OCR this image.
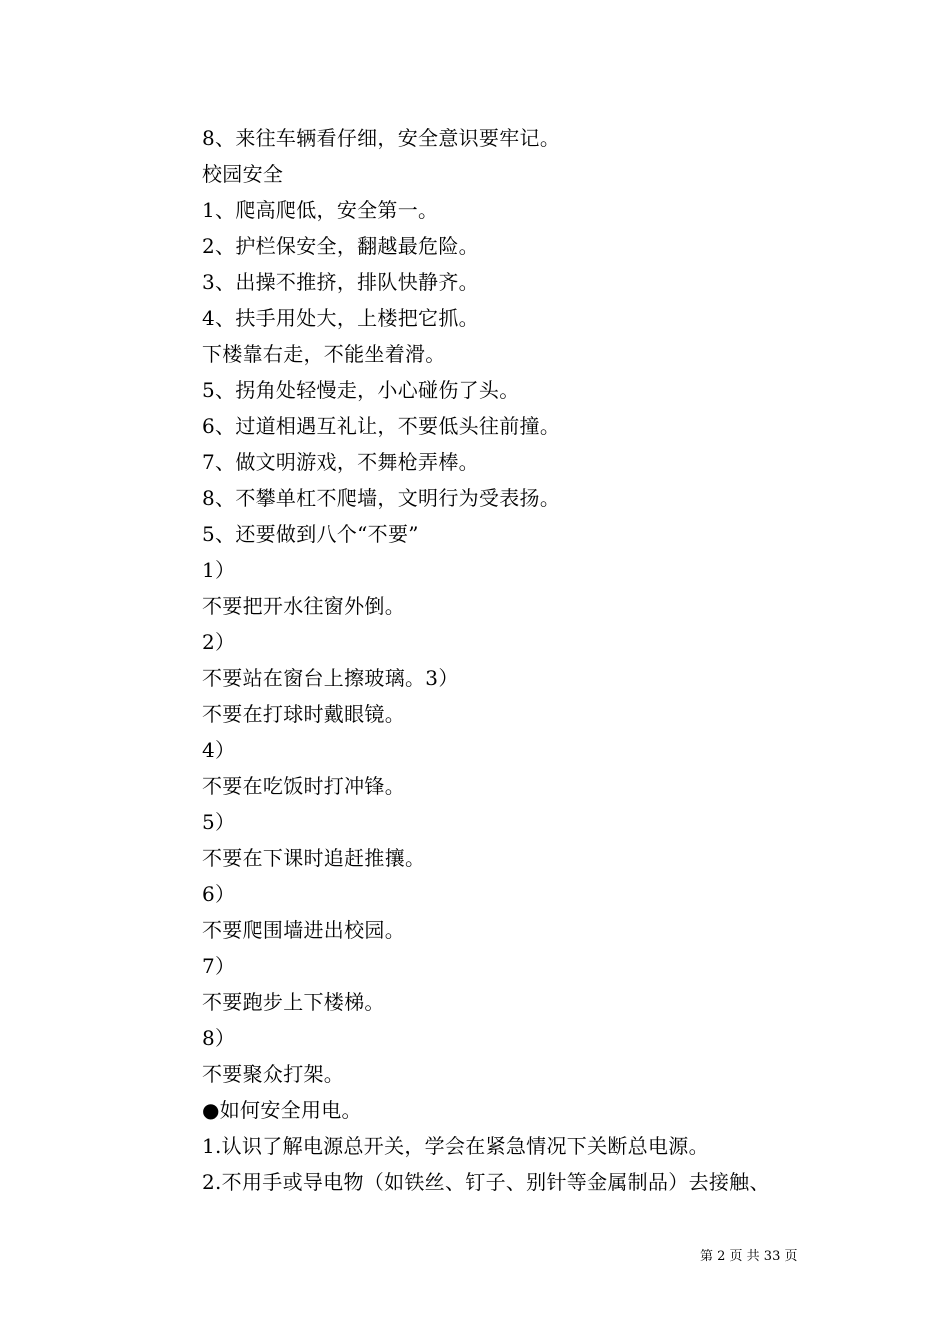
8、来往车辆看仔细，安全意识要牢记。
校园安全
1、爬高爬低，安全第一。
2、护栏保安全，翻越最危险。
3、出操不推挤，排队快静齐。
4、扶手用处大，上楼把它抓。
下楼靠右走，不能坐着滑。
5、拐角处轻慢走，小心碰伤了头。
6、过道相遇互礼让，不要低头往前撞。
7、做文明游戏，不舞枪弄棒。
8、不攀单杠不爬墙，文明行为受表扬。
5、还要做到八个“不要”
1）
不要把开水往窗外倒。
2）
不要站在窗台上擦玻璃。3）
不要在打球时戴眼镜。
4）
不要在吃饭时打冲锋。
5）
不要在下课时追赶推攘。
6）
不要爬围墙进出校园。
7）
不要跑步上下楼梯。
8）
不要聚众打架。
●如何安全用电。
1.认识了解电源总开关，学会在紧急情况下关断总电源。
2.不用手或导电物（如铁丝、钉子、别针等金属制品）去接触、
第 2 页 共 33 页
